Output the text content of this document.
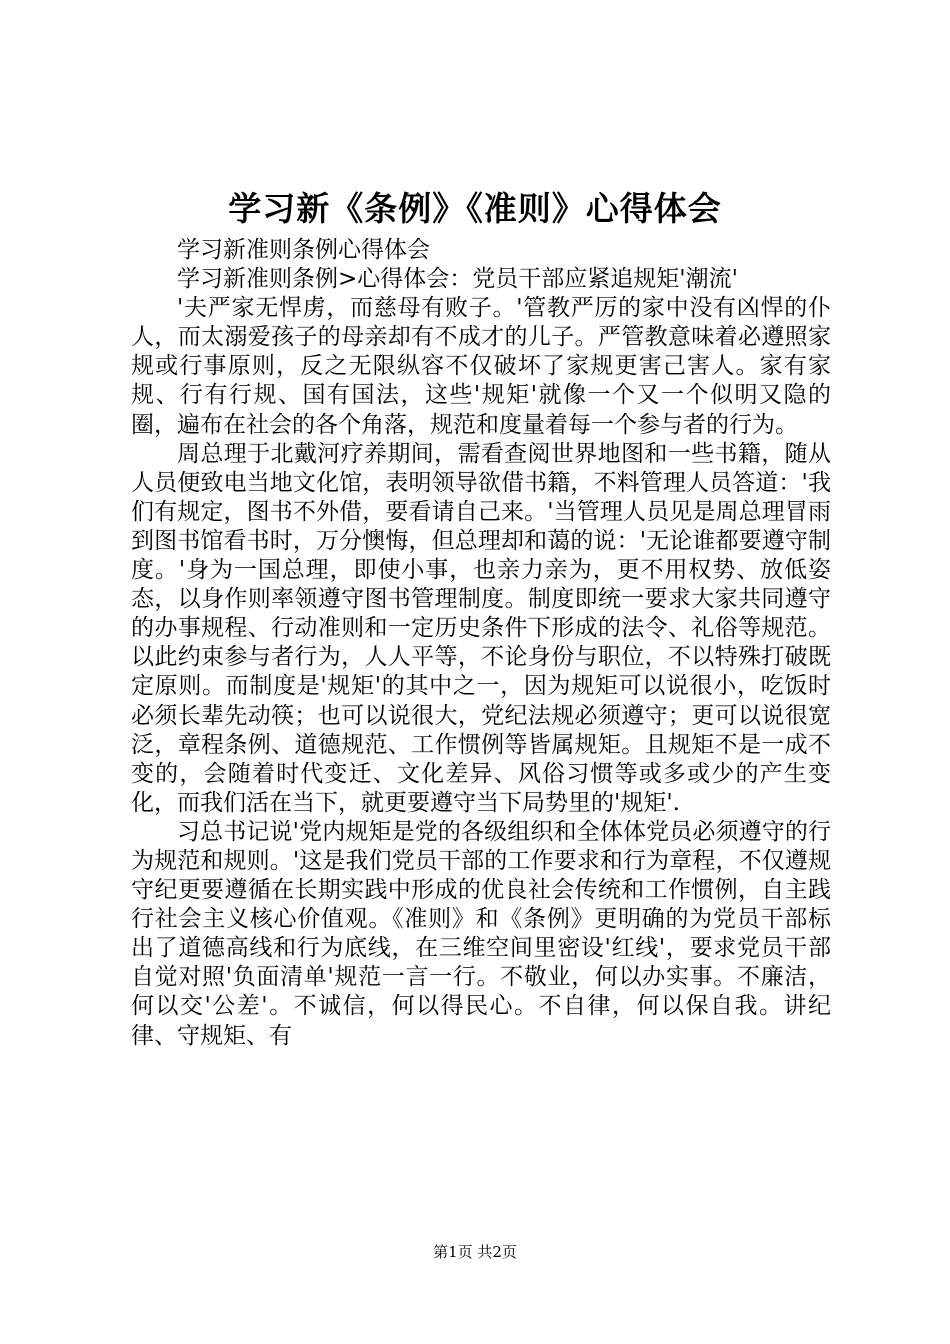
学习新《条例》《准则》心得体会

学习新准则条例心得体会

学习新准则条例>心得体会：党员干部应紧追规矩'潮流'

'夫严家无悍虏，而慈母有败子。'管教严厉的家中没有凶悍的仆人，而太溺爱孩子的母亲却有不成才的儿子。严管教意味着必遵照家规或行事原则，反之无限纵容不仅破坏了家规更害己害人。家有家规、行有行规、国有国法，这些'规矩'就像一个又一个似明又隐的圈，遍布在社会的各个角落，规范和度量着每一个参与者的行为。

周总理于北戴河疗养期间，需看查阅世界地图和一些书籍，随从人员便致电当地文化馆，表明领导欲借书籍，不料管理人员答道：'我们有规定，图书不外借，要看请自己来。'当管理人员见是周总理冒雨到图书馆看书时，万分懊悔，但总理却和蔼的说：'无论谁都要遵守制度。'身为一国总理，即使小事，也亲力亲为，更不用权势、放低姿态，以身作则率领遵守图书管理制度。制度即统一要求大家共同遵守的办事规程、行动准则和一定历史条件下形成的法令、礼俗等规范。以此约束参与者行为，人人平等，不论身份与职位，不以特殊打破既定原则。而制度是'规矩'的其中之一，因为规矩可以说很小，吃饭时必须长辈先动筷；也可以说很大，党纪法规必须遵守；更可以说很宽泛，章程条例、道德规范、工作惯例等皆属规矩。且规矩不是一成不变的，会随着时代变迁、文化差异、风俗习惯等或多或少的产生变化，而我们活在当下，就更要遵守当下局势里的'规矩'.

习总书记说'党内规矩是党的各级组织和全体体党员必须遵守的行为规范和规则。'这是我们党员干部的工作要求和行为章程，不仅遵规守纪更要遵循在长期实践中形成的优良社会传统和工作惯例，自主践行社会主义核心价值观。《准则》和《条例》更明确的为党员干部标出了道德高线和行为底线，在三维空间里密设'红线'，要求党员干部自觉对照'负面清单'规范一言一行。不敬业，何以办实事。不廉洁，何以交'公差'。不诚信，何以得民心。不自律，何以保自我。讲纪律、守规矩、有

第1页 共2页
